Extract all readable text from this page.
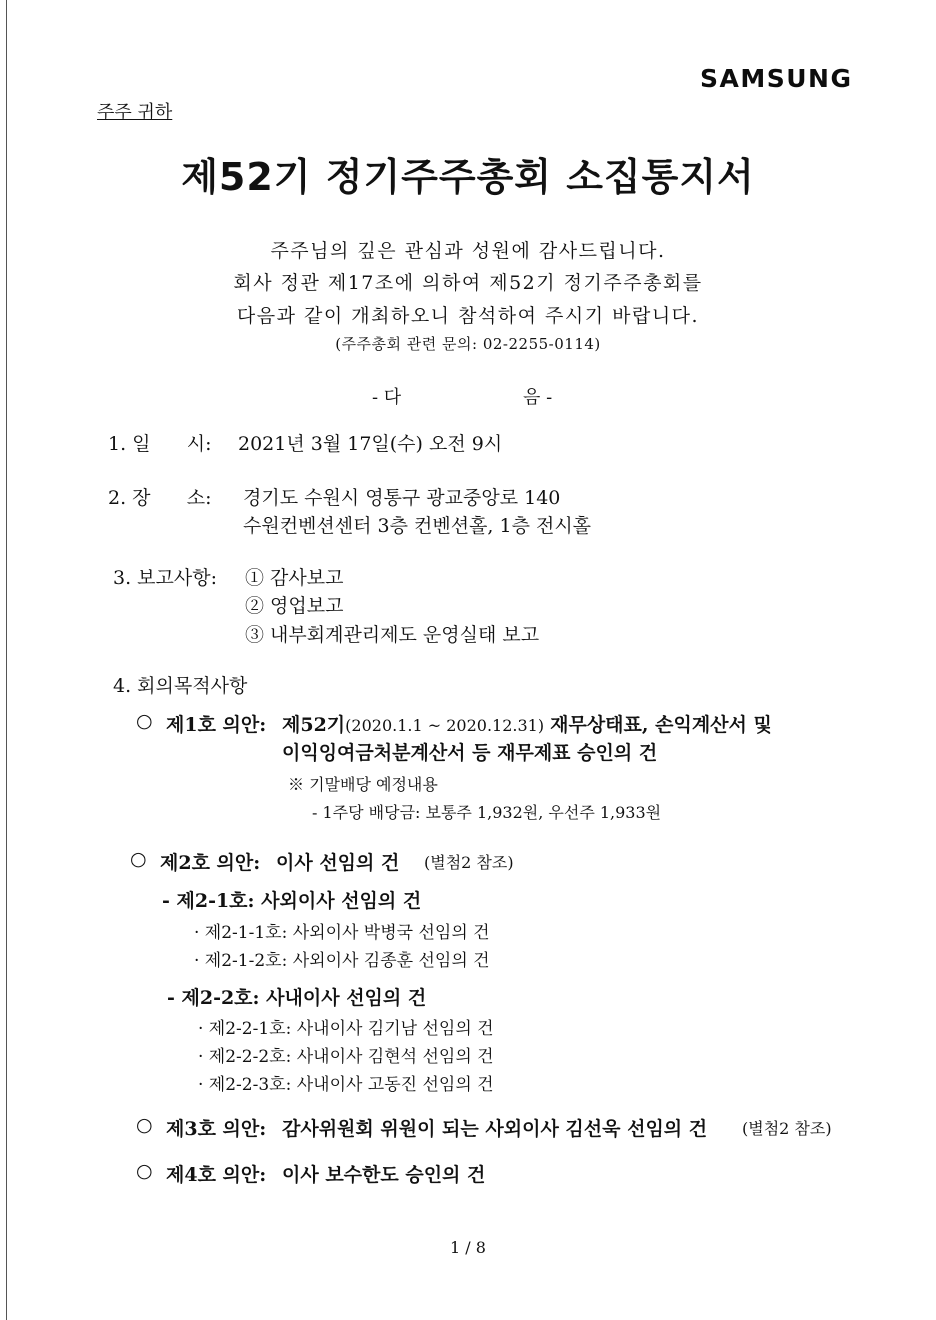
SAMSUNG
주주 귀하
제52기 정기주주총회 소집통지서
주주님의 깊은 관심과 성원에 감사드립니다.
회사 정관 제17조에 의하여 제52기 정기주주총회를
다음과 같이 개최하오니 참석하여 주시기 바랍니다.
(주주총회 관련 문의: 02-2255-0114)
- 다	음 -
1. 일      시: 2021년 3월 17일(수) 오전 9시
2. 장      소: 경기도 수원시 영통구 광교중앙로 140
수원컨벤션센터 3층 컨벤션홀, 1층 전시홀
3. 보고사항: ① 감사보고
② 영업보고
③ 내부회계관리제도 운영실태 보고
4. 회의목적사항
○ 제1호 의안: 제52기(2020.1.1 ~ 2020.12.31) 재무상태표, 손익계산서 및
이익잉여금처분계산서 등 재무제표 승인의 건
※ 기말배당 예정내용
- 1주당 배당금: 보통주 1,932원, 우선주 1,933원
○ 제2호 의안: 이사 선임의 건 (별첨2 참조)
- 제2-1호: 사외이사 선임의 건
· 제2-1-1호: 사외이사 박병국 선임의 건
· 제2-1-2호: 사외이사 김종훈 선임의 건
- 제2-2호: 사내이사 선임의 건
· 제2-2-1호: 사내이사 김기남 선임의 건
· 제2-2-2호: 사내이사 김현석 선임의 건
· 제2-2-3호: 사내이사 고동진 선임의 건
○ 제3호 의안: 감사위원회 위원이 되는 사외이사 김선욱 선임의 건 (별첨2 참조)
○ 제4호 의안: 이사 보수한도 승인의 건
1 / 8
